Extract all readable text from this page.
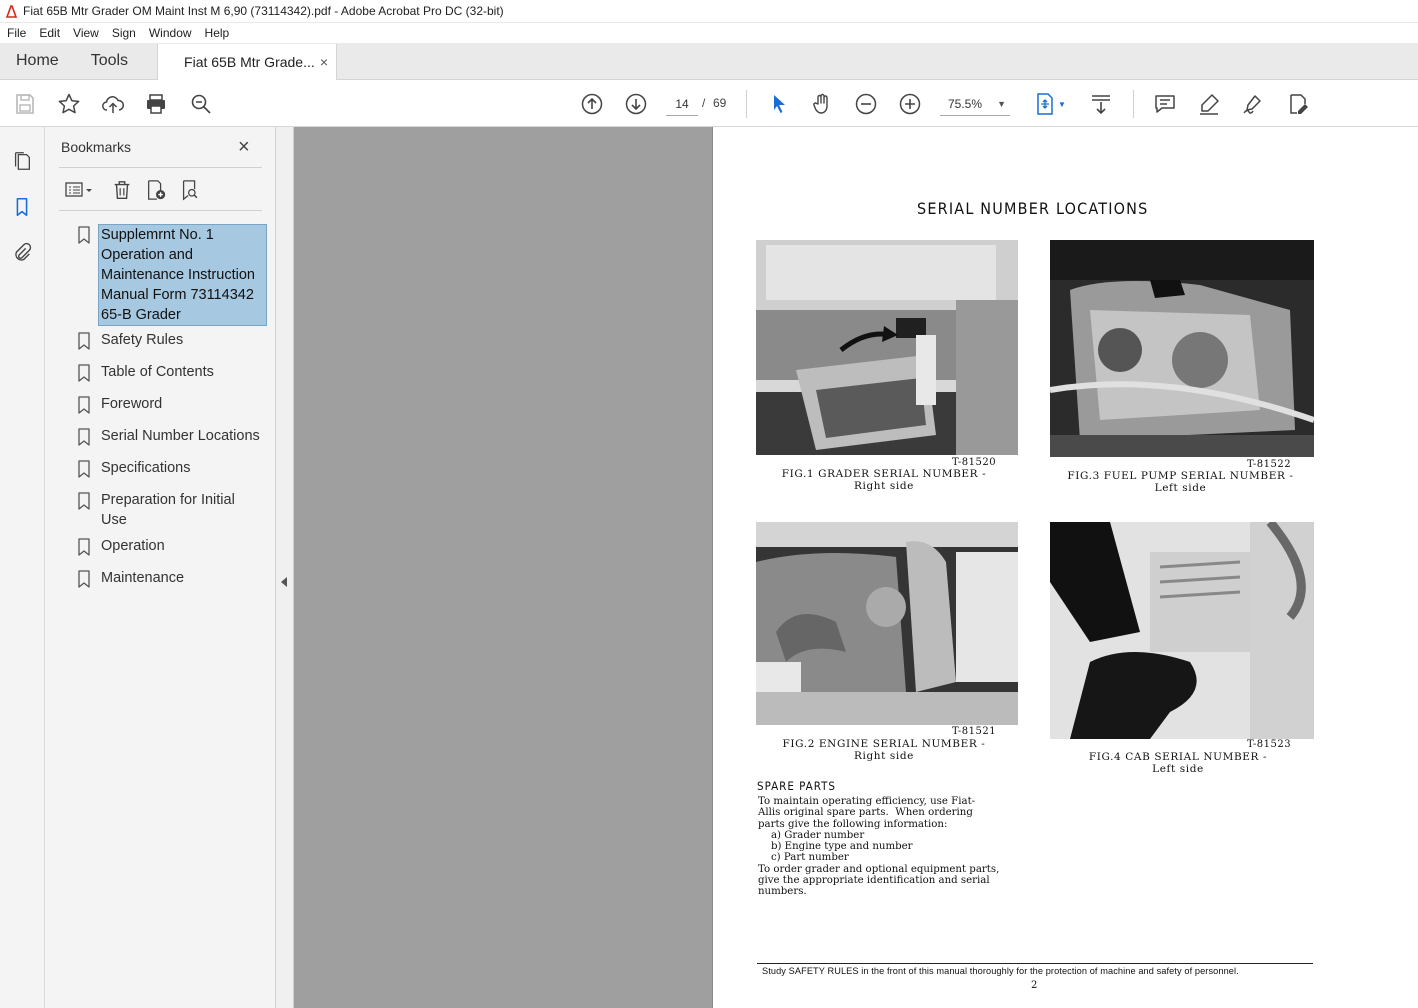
Fiat 65B Mtr Grader OM Maint Inst M 6,90 (73114342).pdf - Adobe Acrobat Pro DC (32-bit)
File Edit View Sign Window Help
Home	Tools	Fiat 65B Mtr Grade... ×
14
/ 69	75.5% ▼	▼
Bookmarks	×
Supplemrnt No. 1 Operation and Maintenance Instruction Manual Form 73114342 65-B Grader
Safety Rules
Table of Contents
Foreword
Serial Number Locations
Specifications
Preparation for Initial Use
Operation
Maintenance
SERIAL NUMBER LOCATIONS
T-81520
FIG.1 GRADER SERIAL NUMBER -
Right side
T-81522
FIG.3 FUEL PUMP SERIAL NUMBER -
Left side
T-81521
FIG.2 ENGINE SERIAL NUMBER -
Right side
T-81523
FIG.4 CAB SERIAL NUMBER -
Left side
SPARE PARTS
To maintain operating efficiency, use Fiat-
Allis original spare parts.  When ordering
parts give the following information:
a) Grader number
b) Engine type and number
c) Part number
To order grader and optional equipment parts,
give the appropriate identification and serial
numbers.
Study SAFETY RULES in the front of this manual thoroughly for the protection of machine and safety of personnel.
2
